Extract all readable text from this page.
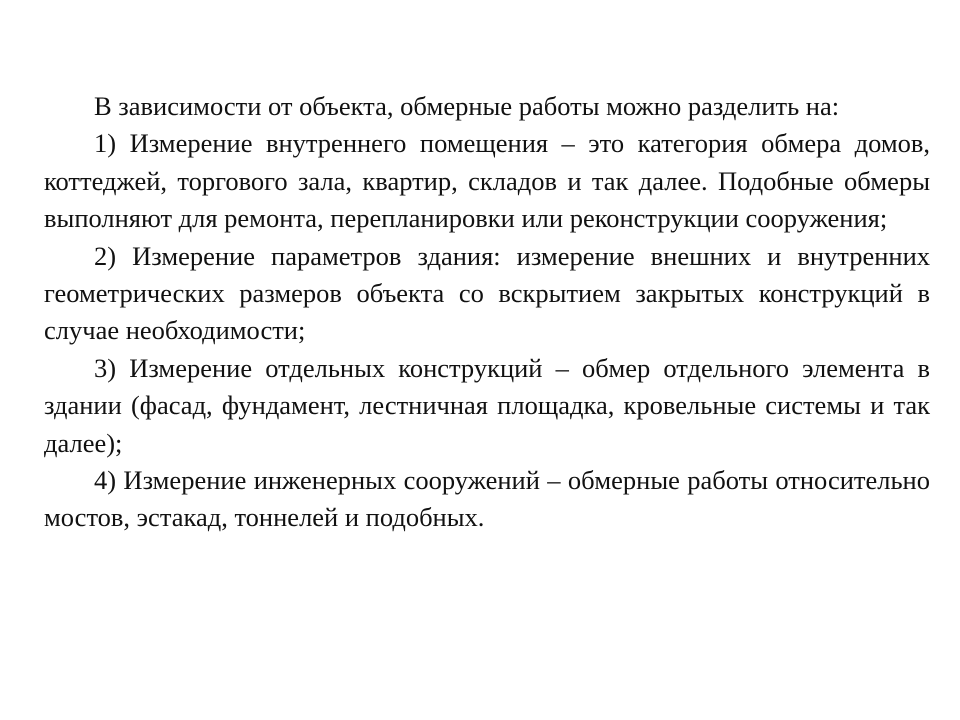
В зависимости от объекта, обмерные работы можно разделить на:

1) Измерение внутреннего помещения – это категория обмера домов, коттеджей, торгового зала, квартир, складов и так далее. Подобные обмеры выполняют для ремонта, перепланировки или реконструкции сооружения;

2) Измерение параметров здания: измерение внешних и внутренних геометрических размеров объекта со вскрытием закрытых конструкций в случае необходимости;

3) Измерение отдельных конструкций – обмер отдельного элемента в здании (фасад, фундамент, лестничная площадка, кровельные системы и так далее);

4) Измерение инженерных сооружений – обмерные работы относительно мостов, эстакад, тоннелей и подобных.
